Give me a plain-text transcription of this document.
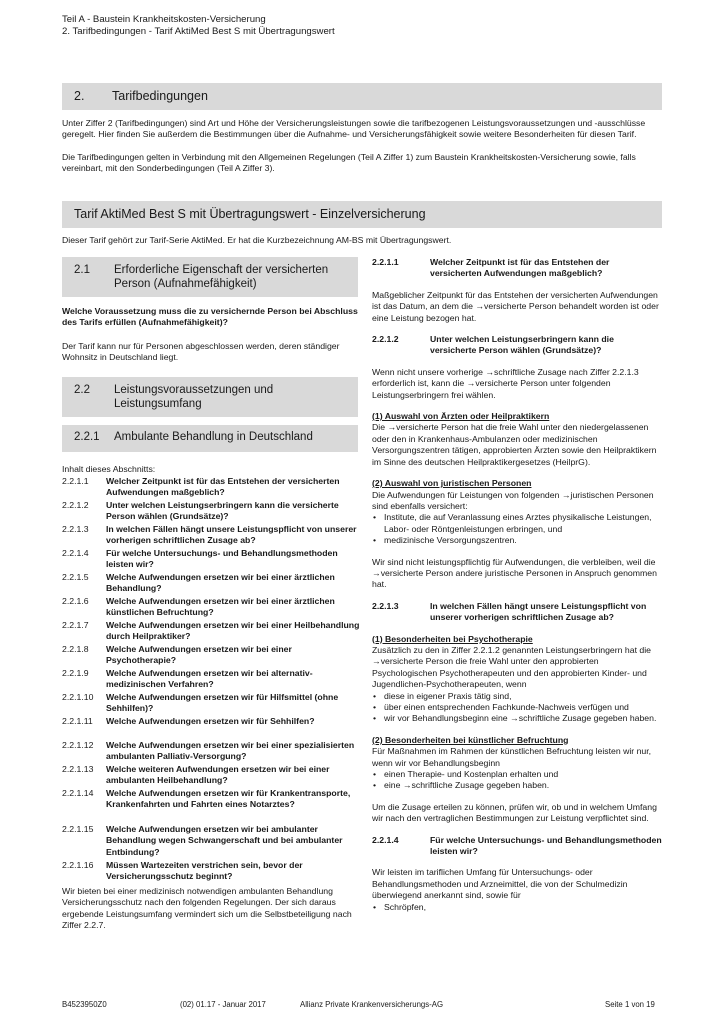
Teil A - Baustein Krankheitskosten-Versicherung
2. Tarifbedingungen - Tarif AktiMed Best S mit Übertragungswert
2. Tarifbedingungen

Unter Ziffer 2 (Tarifbedingungen) sind Art und Höhe der Versicherungsleistungen sowie die tarifbezogenen Leistungsvoraussetzungen und -ausschlüsse geregelt. Hier finden Sie außerdem die Bestimmungen über die Aufnahme- und Versicherungsfähigkeit sowie weitere Besonderheiten für diesen Tarif.

Die Tarifbedingungen gelten in Verbindung mit den Allgemeinen Regelungen (Teil A Ziffer 1) zum Baustein Krankheitskosten-Versicherung sowie, falls vereinbart, mit den Sonderbedingungen (Teil A Ziffer 3).

Tarif AktiMed Best S mit Übertragungswert - Einzelversicherung
Dieser Tarif gehört zur Tarif-Serie AktiMed. Er hat die Kurzbezeichnung AM-BS mit Übertragungswert.
2.1 Erforderliche Eigenschaft der versicherten Person (Aufnahmefähigkeit)
Welche Voraussetzung muss die zu versichernde Person bei Abschluss des Tarifs erfüllen (Aufnahmefähigkeit)?
Der Tarif kann nur für Personen abgeschlossen werden, deren ständiger Wohnsitz in Deutschland liegt.
2.2 Leistungsvoraussetzungen und Leistungsumfang
2.2.1 Ambulante Behandlung in Deutschland
Inhalt dieses Abschnitts:
2.2.1.1 Welcher Zeitpunkt ist für das Entstehen der versicherten Aufwendungen maßgeblich?
2.2.1.2 Unter welchen Leistungserbringern kann die versicherte Person wählen (Grundsätze)?
2.2.1.3 In welchen Fällen hängt unsere Leistungspflicht von unserer vorherigen schriftlichen Zusage ab?
2.2.1.4 Für welche Untersuchungs- und Behandlungsmethoden leisten wir?
2.2.1.5 Welche Aufwendungen ersetzen wir bei einer ärztlichen Behandlung?
2.2.1.6 Welche Aufwendungen ersetzen wir bei einer ärztlichen künstlichen Befruchtung?
2.2.1.7 Welche Aufwendungen ersetzen wir bei einer Heilbehandlung durch Heilpraktiker?
2.2.1.8 Welche Aufwendungen ersetzen wir bei einer Psychotherapie?
2.2.1.9 Welche Aufwendungen ersetzen wir bei alternativ-medizinischen Verfahren?
2.2.1.10 Welche Aufwendungen ersetzen wir für Hilfsmittel (ohne Sehhilfen)?
2.2.1.11 Welche Aufwendungen ersetzen wir für Sehhilfen?
2.2.1.12 Welche Aufwendungen ersetzen wir bei einer spezialisierten ambulanten Palliativ-Versorgung?
2.2.1.13 Welche weiteren Aufwendungen ersetzen wir bei einer ambulanten Heilbehandlung?
2.2.1.14 Welche Aufwendungen ersetzen wir für Krankentransporte, Krankenfahrten und Fahrten eines Notarztes?
2.2.1.15 Welche Aufwendungen ersetzen wir bei ambulanter Behandlung wegen Schwangerschaft und bei ambulanter Entbindung?
2.2.1.16 Müssen Wartezeiten verstrichen sein, bevor der Versicherungsschutz beginnt?
Wir bieten bei einer medizinisch notwendigen ambulanten Behandlung Versicherungsschutz nach den folgenden Regelungen. Der sich daraus ergebende Leistungsumfang vermindert sich um die Selbstbeteiligung nach Ziffer 2.2.7.
2.2.1.1	Welcher Zeitpunkt ist für das Entstehen der versicherten Aufwendungen maßgeblich?

Maßgeblicher Zeitpunkt für das Entstehen der versicherten Aufwendungen ist das Datum, an dem die →versicherte Person behandelt worden ist oder eine Leistung bezogen hat.

2.2.1.2	Unter welchen Leistungserbringern kann die versicherte Person wählen (Grundsätze)?

Wenn nicht unsere vorherige →schriftliche Zusage nach Ziffer 2.2.1.3 erforderlich ist, kann die →versicherte Person unter folgenden Leistungserbringern frei wählen.

(1) Auswahl von Ärzten oder Heilpraktikern

Die →versicherte Person hat die freie Wahl unter den niedergelassenen oder den in Krankenhaus-Ambulanzen oder medizinischen Versorgungszentren tätigen, approbierten Ärzten sowie den Heilpraktikern im Sinne des deutschen Heilpraktikergesetzes (HeilprG).

(2) Auswahl von juristischen Personen

Die Aufwendungen für Leistungen von folgenden →juristischen Personen sind ebenfalls versichert:

• Institute, die auf Veranlassung eines Arztes physikalische Leistungen, Labor- oder Röntgenleistungen erbringen, und
• medizinische Versorgungszentren.

Wir sind nicht leistungspflichtig für Aufwendungen, die verbleiben, weil die →versicherte Person andere juristische Personen in Anspruch genommen hat.

2.2.1.3	In welchen Fällen hängt unsere Leistungspflicht von unserer vorherigen schriftlichen Zusage ab?

(1) Besonderheiten bei Psychotherapie

Zusätzlich zu den in Ziffer 2.2.1.2 genannten Leistungserbringern hat die →versicherte Person die freie Wahl unter den approbierten Psychologischen Psychotherapeuten und den approbierten Kinder- und Jugendlichen-Psychotherapeuten, wenn

• diese in eigener Praxis tätig sind,
• über einen entsprechenden Fachkunde-Nachweis verfügen und
• wir vor Behandlungsbeginn eine →schriftliche Zusage gegeben haben.

(2) Besonderheiten bei künstlicher Befruchtung

Für Maßnahmen im Rahmen der künstlichen Befruchtung leisten wir nur, wenn wir vor Behandlungsbeginn

• einen Therapie- und Kostenplan erhalten und
• eine →schriftliche Zusage gegeben haben.

Um die Zusage erteilen zu können, prüfen wir, ob und in welchem Umfang wir nach den vertraglichen Bestimmungen zur Leistung verpflichtet sind.

2.2.1.4	Für welche Untersuchungs- und Behandlungsmethoden leisten wir?

Wir leisten im tariflichen Umfang für Untersuchungs- oder Behandlungsmethoden und Arzneimittel, die von der Schulmedizin überwiegend anerkannt sind, sowie für

• Schröpfen,
B4523950Z0	(02) 01.17 - Januar 2017	Allianz Private Krankenversicherungs-AG	Seite 1 von 19
